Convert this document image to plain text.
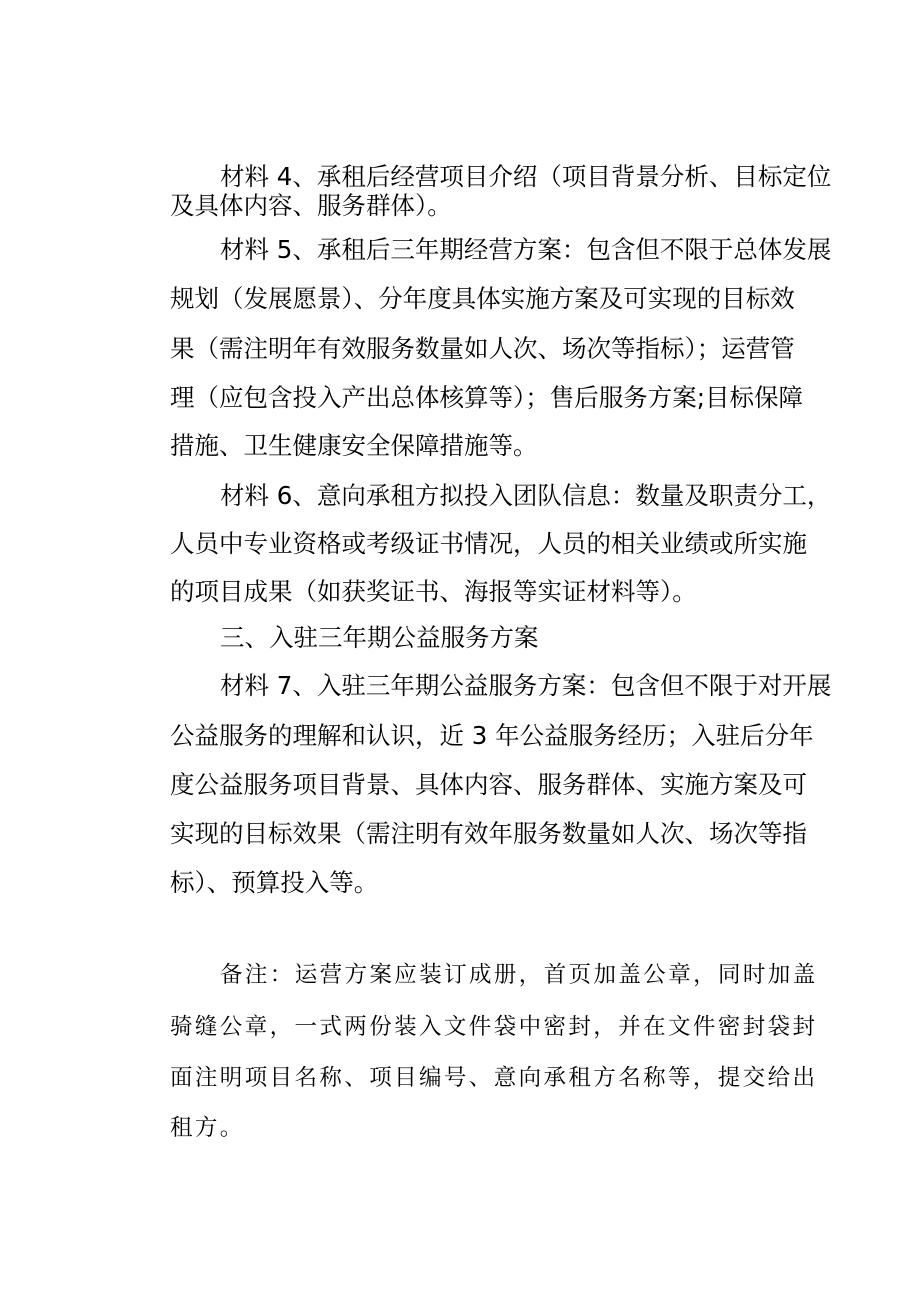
材料 4、承租后经营项目介绍（项目背景分析、目标定位
及具体内容、服务群体）。
材料 5、承租后三年期经营方案：包含但不限于总体发展
规划（发展愿景）、分年度具体实施方案及可实现的目标效
果（需注明年有效服务数量如人次、场次等指标）；运营管
理（应包含投入产出总体核算等）；售后服务方案;目标保障
措施、卫生健康安全保障措施等。
材料 6、意向承租方拟投入团队信息：数量及职责分工，
人员中专业资格或考级证书情况，人员的相关业绩或所实施
的项目成果（如获奖证书、海报等实证材料等）。
三、入驻三年期公益服务方案
材料 7、入驻三年期公益服务方案：包含但不限于对开展
公益服务的理解和认识，近 3 年公益服务经历；入驻后分年
度公益服务项目背景、具体内容、服务群体、实施方案及可
实现的目标效果（需注明有效年服务数量如人次、场次等指
标）、预算投入等。
备注：运营方案应装订成册，首页加盖公章，同时加盖
骑缝公章，一式两份装入文件袋中密封，并在文件密封袋封
面注明项目名称、项目编号、意向承租方名称等，提交给出
租方。
